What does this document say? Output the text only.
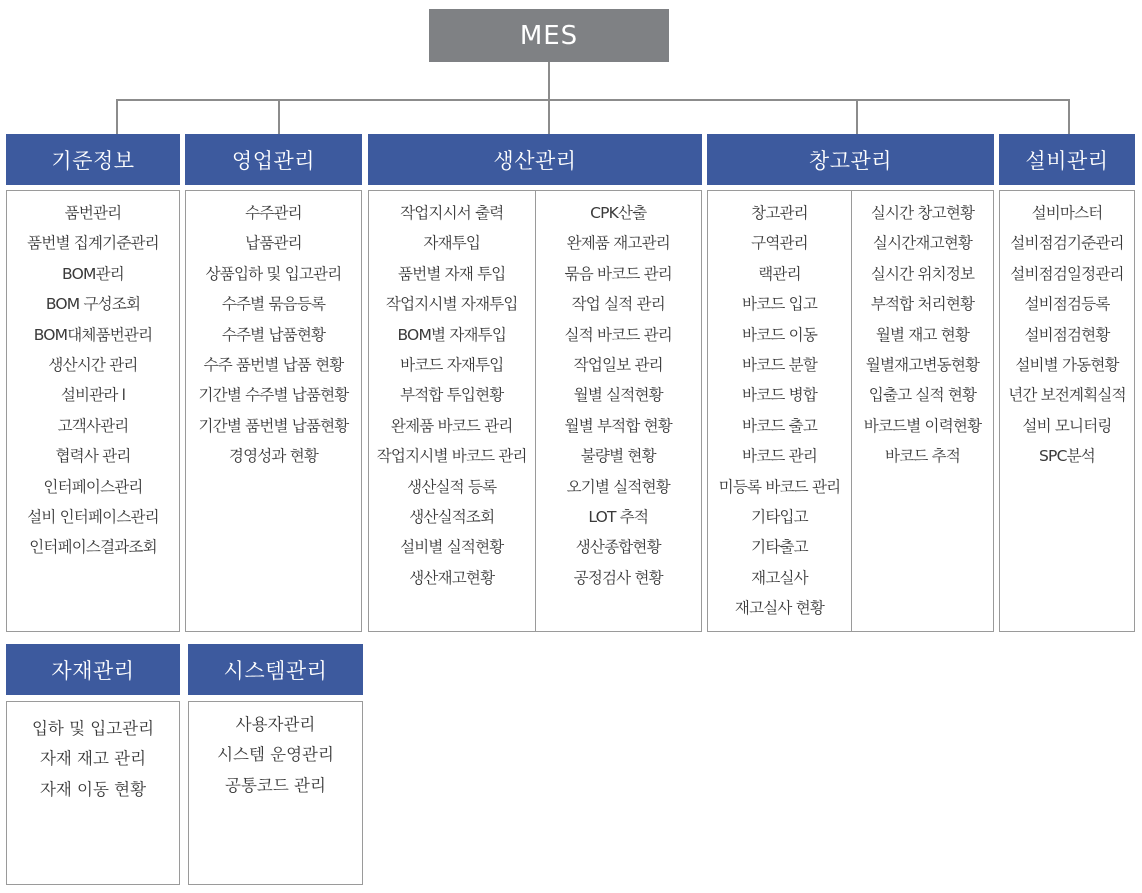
MES
기준정보
품번관리
품번별 집계기준관리
BOM관리
BOM 구성조회
BOM대체품번관리
생산시간 관리
설비관라 l
고객사관리
협력사 관리
인터페이스관리
설비 인터페이스관리
인터페이스결과조회
영업관리
수주관리
납품관리
상품입하 및 입고관리
수주별 묶음등록
수주별 납품현황
수주 품번별 납품 현황
기간별 수주별 납품현황
기간별 품번별 납품현황
경영성과 현황
생산관리
작업지시서 출력
자재투입
품번별 자재 투입
작업지시별 자재투입
BOM별 자재투입
바코드 자재투입
부적합 투입현황
완제품 바코드 관리
작업지시별 바코드 관리
생산실적 등록
생산실적조회
설비별 실적현황
생산재고현황
CPK산출
완제품 재고관리
묶음 바코드 관리
작업 실적 관리
실적 바코드 관리
작업일보 관리
월별 실적현황
월별 부적합 현황
불량별 현황
오기별 실적현황
LOT 추적
생산종합현황
공정검사 현황
창고관리
창고관리
구역관리
랙관리
바코드 입고
바코드 이동
바코드 분할
바코드 병합
바코드 출고
바코드 관리
미등록 바코드 관리
기타입고
기타출고
재고실사
재고실사 현황
실시간 창고현황
실시간재고현황
실시간 위치정보
부적합 처리현황
월별 재고 현황
월별재고변동현황
입출고 실적 현황
바코드별 이력현황
바코드 추적
설비관리
설비마스터
설비점검기준관리
설비점검일정관리
설비점검등록
설비점검현황
설비별 가동현황
년간 보전계획실적
설비 모니터링
SPC분석
자재관리
입하 및 입고관리
자재 재고 관리
자재 이동 현황
시스템관리
사용자관리
시스템 운영관리
공통코드 관리
